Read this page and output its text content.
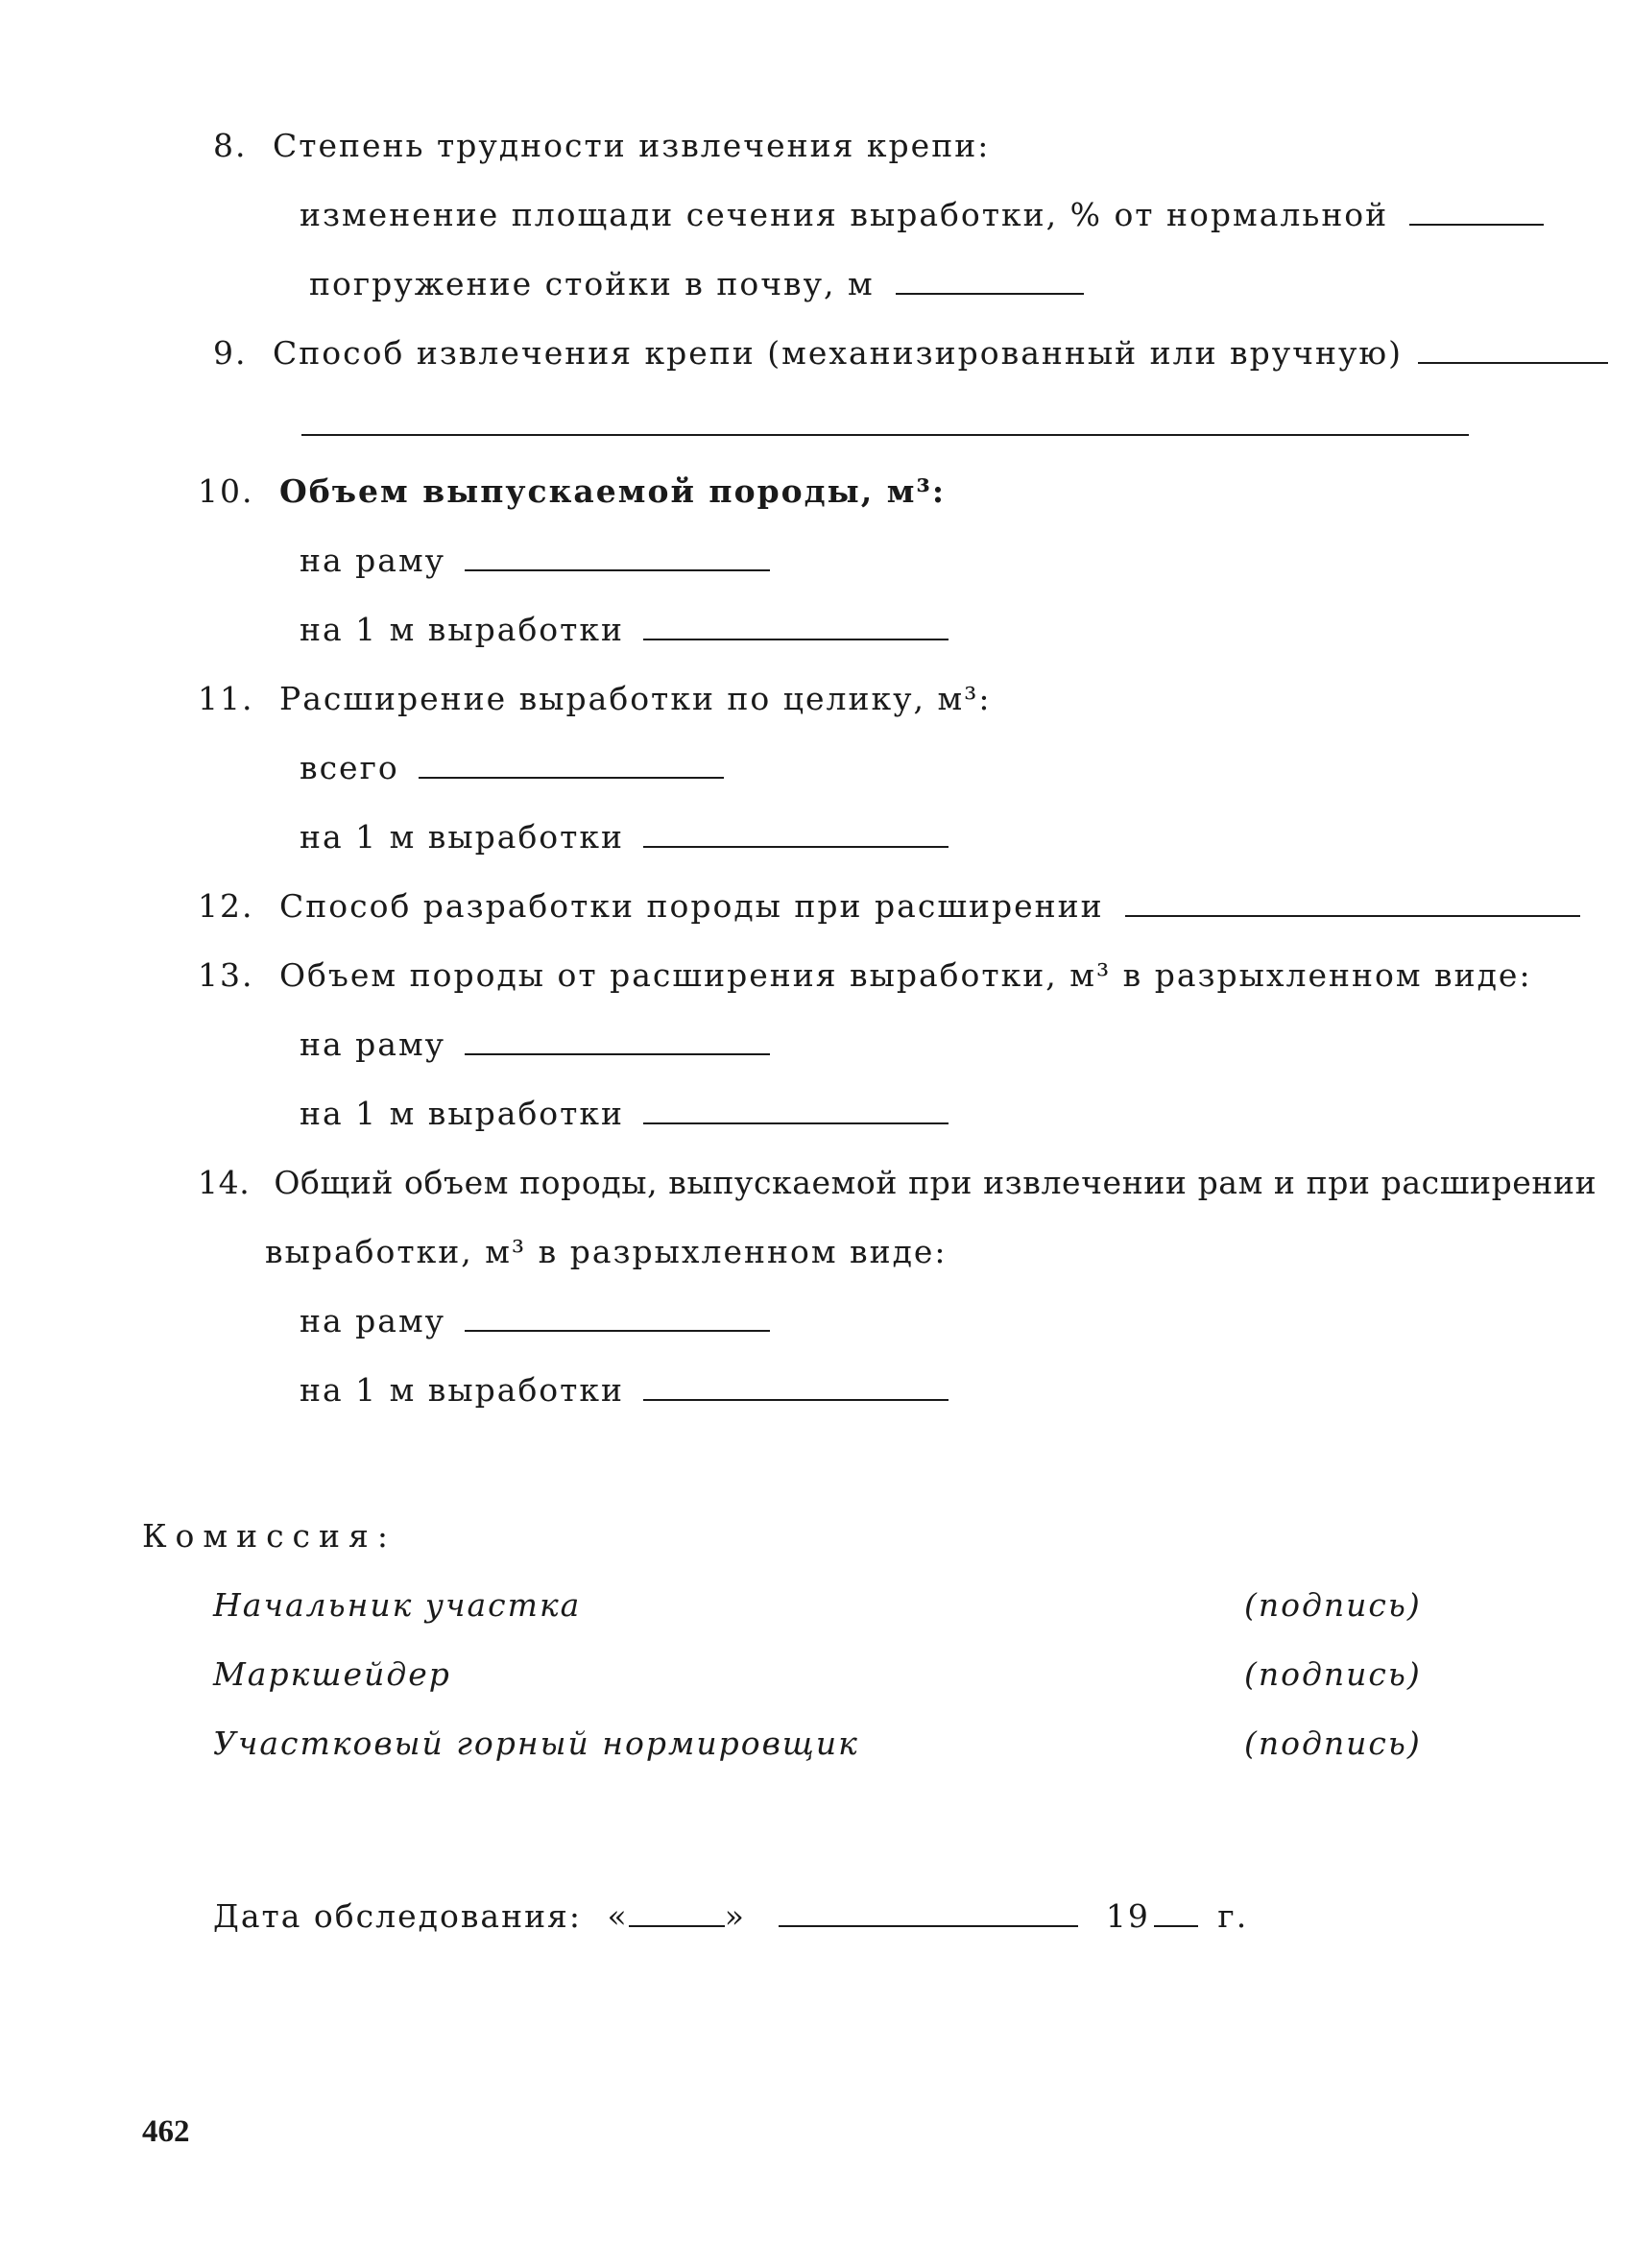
8. Степень трудности извлечения крепи:
изменение площади сечения выработки, % от нормальной
погружение стойки в почву, м
9. Способ извлечения крепи (механизированный или вручную)
10. Объем выпускаемой породы, м³:
на раму
на 1 м выработки
11. Расширение выработки по целику, м³:
всего
на 1 м выработки
12. Способ разработки породы при расширении
13. Объем породы от расширения выработки, м³ в разрыхленном виде:
на раму
на 1 м выработки
14. Общий объем породы, выпускаемой при извлечении рам и при расширении
выработки, м³ в разрыхленном виде:
на раму
на 1 м выработки
Комиссия:
Начальник участка	(подпись)
Маркшейдер	(подпись)
Участковый горный нормировщик	(подпись)
Дата обследования: «	»	19 г.
462
